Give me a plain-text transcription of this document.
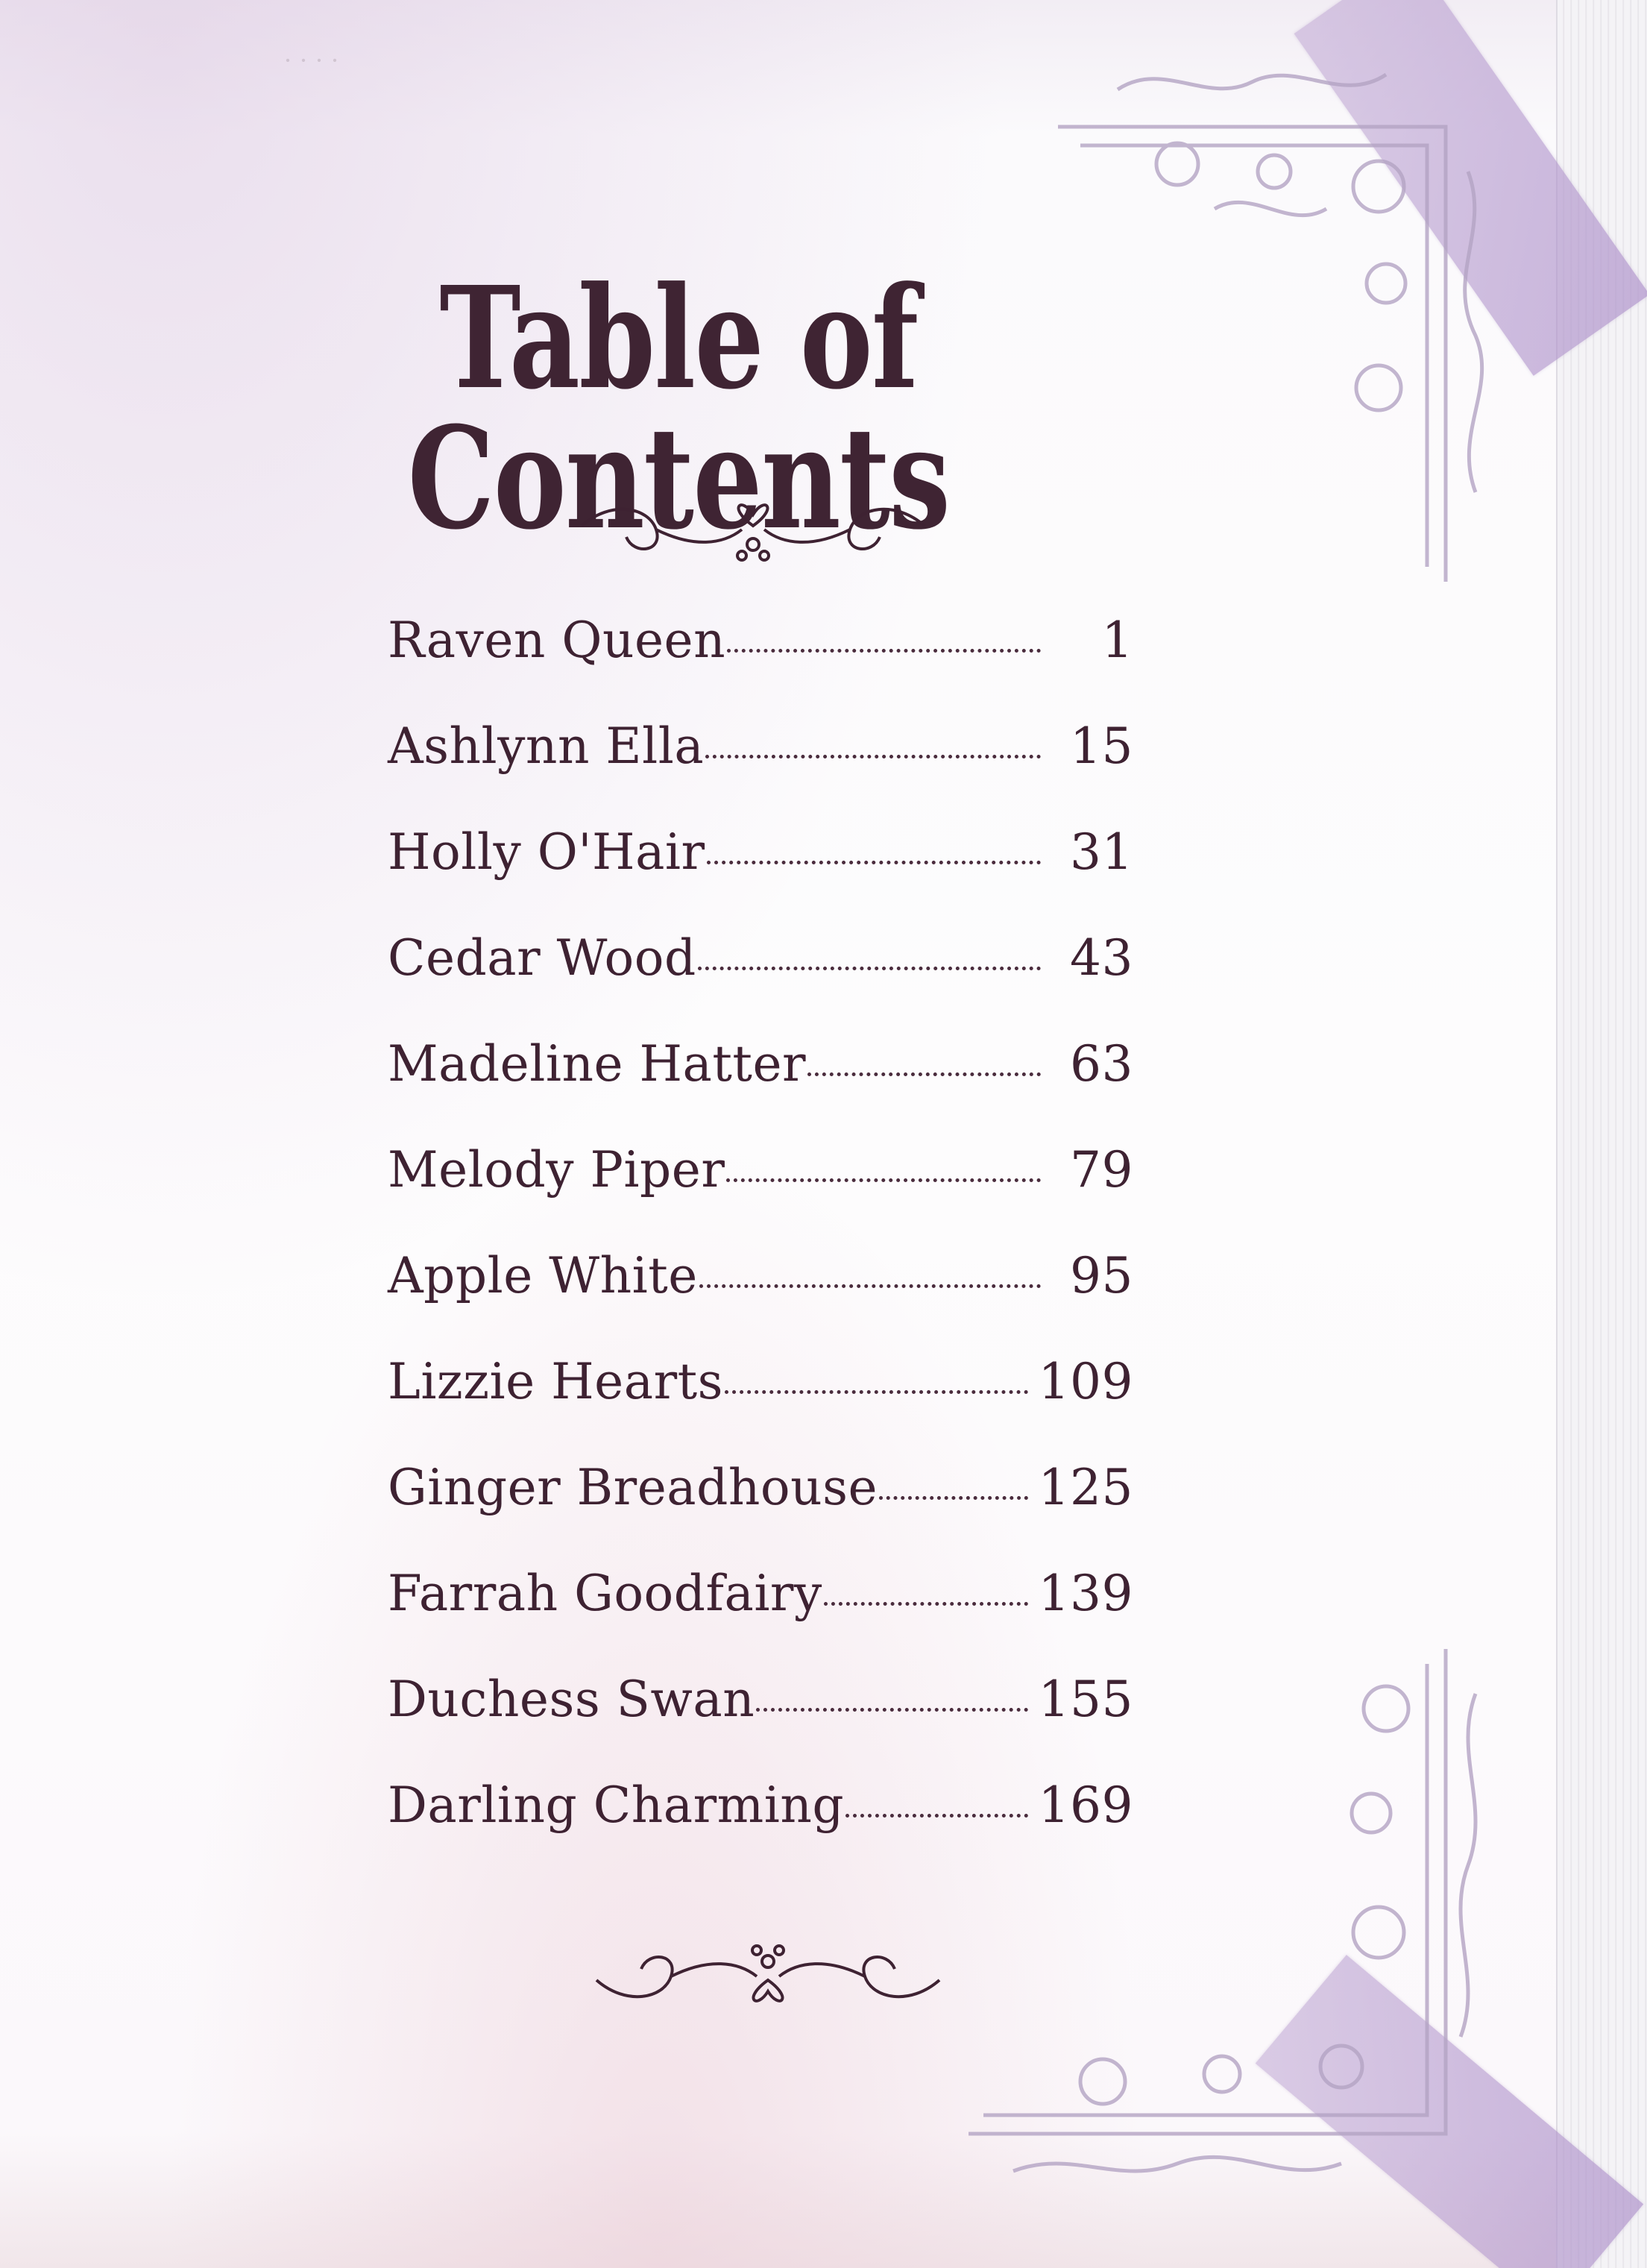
· · · ·
Table of Contents
Raven Queen	1
Ashlynn Ella	15
Holly O'Hair	31
Cedar Wood	43
Madeline Hatter	63
Melody Piper	79
Apple White	95
Lizzie Hearts	109
Ginger Breadhouse	125
Farrah Goodfairy	139
Duchess Swan	155
Darling Charming	169
